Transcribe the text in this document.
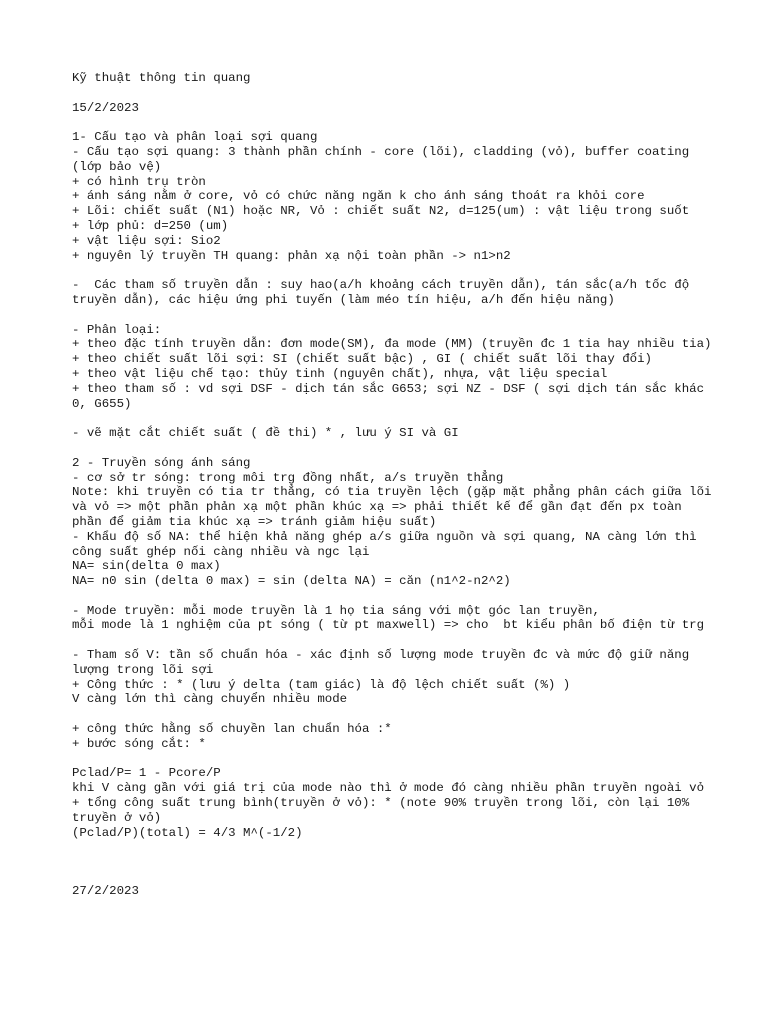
Kỹ thuật thông tin quang
15/2/2023
1- Cấu tạo và phân loại sợi quang
- Cấu tạo sợi quang: 3 thành phần chính - core (lõi), cladding (vỏ), buffer coating (lớp bảo vệ)
+ có hình trụ tròn
+ ánh sáng nằm ở core, vỏ có chức năng ngăn k cho ánh sáng thoát ra khỏi core
+ Lõi: chiết suất (N1) hoặc NR, Vỏ : chiết suất N2, d=125(um) : vật liệu trong suốt
+ lớp phủ: d=250 (um)
+ vật liệu sợi: Sio2
+ nguyên lý truyền TH quang: phản xạ nội toàn phần -> n1>n2
-  Các tham số truyền dẫn : suy hao(a/h khoảng cách truyền dẫn), tán sắc(a/h tốc độ truyền dẫn), các hiệu ứng phi tuyến (làm méo tín hiệu, a/h đến hiệu năng)
- Phân loại:
+ theo đặc tính truyền dẫn: đơn mode(SM), đa mode (MM) (truyền đc 1 tia hay nhiều tia)
+ theo chiết suất lõi sợi: SI (chiết suất bậc) , GI ( chiết suất lõi thay đổi)
+ theo vật liệu chế tạo: thủy tinh (nguyên chất), nhựa, vật liệu special
+ theo tham số : vd sợi DSF - dịch tán sắc G653; sợi NZ - DSF ( sợi dịch tán sắc khác 0, G655)
- vẽ mặt cắt chiết suất ( đề thi) * , lưu ý SI và GI
2 - Truyền sóng ánh sáng
- cơ sở tr sóng: trong môi trg đồng nhất, a/s truyền thẳng
Note: khi truyền có tia tr thẳng, có tia truyền lệch (gặp mặt phẳng phân cách giữa lõi và vỏ => một phần phản xạ một phần khúc xạ => phải thiết kế để gần đạt đến px toàn phần để giảm tia khúc xạ => tránh giảm hiệu suất)
- Khẩu độ số NA: thể hiện khả năng ghép a/s giữa nguồn và sợi quang, NA càng lớn thì công suất ghép nối càng nhiều và ngc lại
NA= sin(delta 0 max)
NA= n0 sin (delta 0 max) = sin (delta NA) = căn (n1^2-n2^2)
- Mode truyền: mỗi mode truyền là 1 họ tia sáng với một góc lan truyền,
mỗi mode là 1 nghiệm của pt sóng ( từ pt maxwell) => cho  bt kiểu phân bố điện từ trg
- Tham số V: tần số chuẩn hóa - xác định số lượng mode truyền đc và mức độ giữ năng lượng trong lõi sợi
+ Công thức : * (lưu ý delta (tam giác) là độ lệch chiết suất (%) )
V càng lớn thì càng chuyển nhiều mode
+ công thức hằng số chuyền lan chuẩn hóa :*
+ bước sóng cắt: *
Pclad/P= 1 - Pcore/P
khi V càng gần với giá trị của mode nào thì ở mode đó càng nhiều phần truyền ngoài vỏ
+ tổng công suất trung bình(truyền ở vỏ): * (note 90% truyền trong lõi, còn lại 10% truyền ở vỏ)
(Pclad/P)(total) = 4/3 M^(-1/2)
27/2/2023
